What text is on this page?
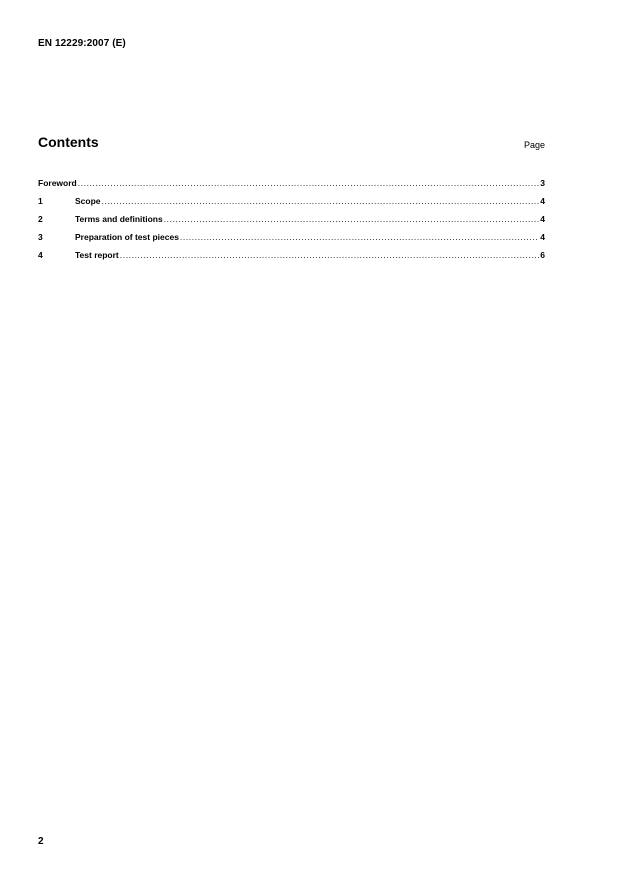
EN 12229:2007 (E)
Contents	Page
Foreword .....	3
1	Scope .....	4
2	Terms and definitions .....	4
3	Preparation of test pieces .....	4
4	Test report .....	6
2
